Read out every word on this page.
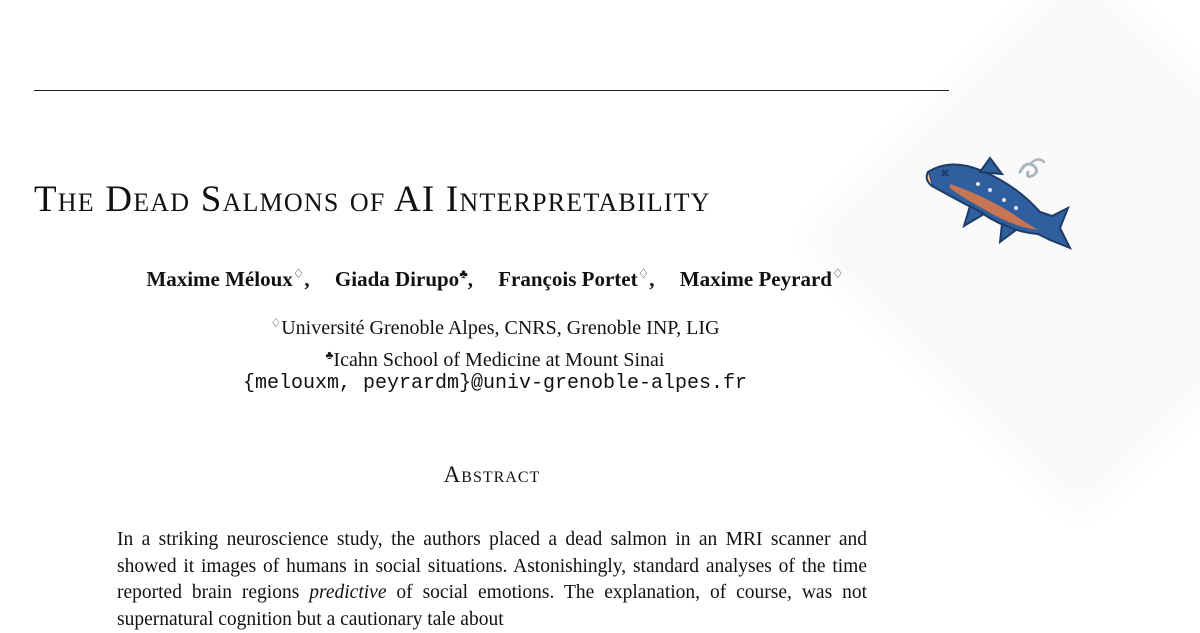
The Dead Salmons of AI Interpretability
Maxime Méloux♢, Giada Dirupo♣, François Portet♢, Maxime Peyrard♢
♢Université Grenoble Alpes, CNRS, Grenoble INP, LIG
♣Icahn School of Medicine at Mount Sinai
{melouxm, peyrardm}@univ-grenoble-alpes.fr
Abstract

In a striking neuroscience study, the authors placed a dead salmon in an MRI scanner and showed it images of humans in social situations. Astonishingly, standard analyses of the time reported brain regions predictive of social emotions. The explanation, of course, was not supernatural cognition but a cautionary tale about
